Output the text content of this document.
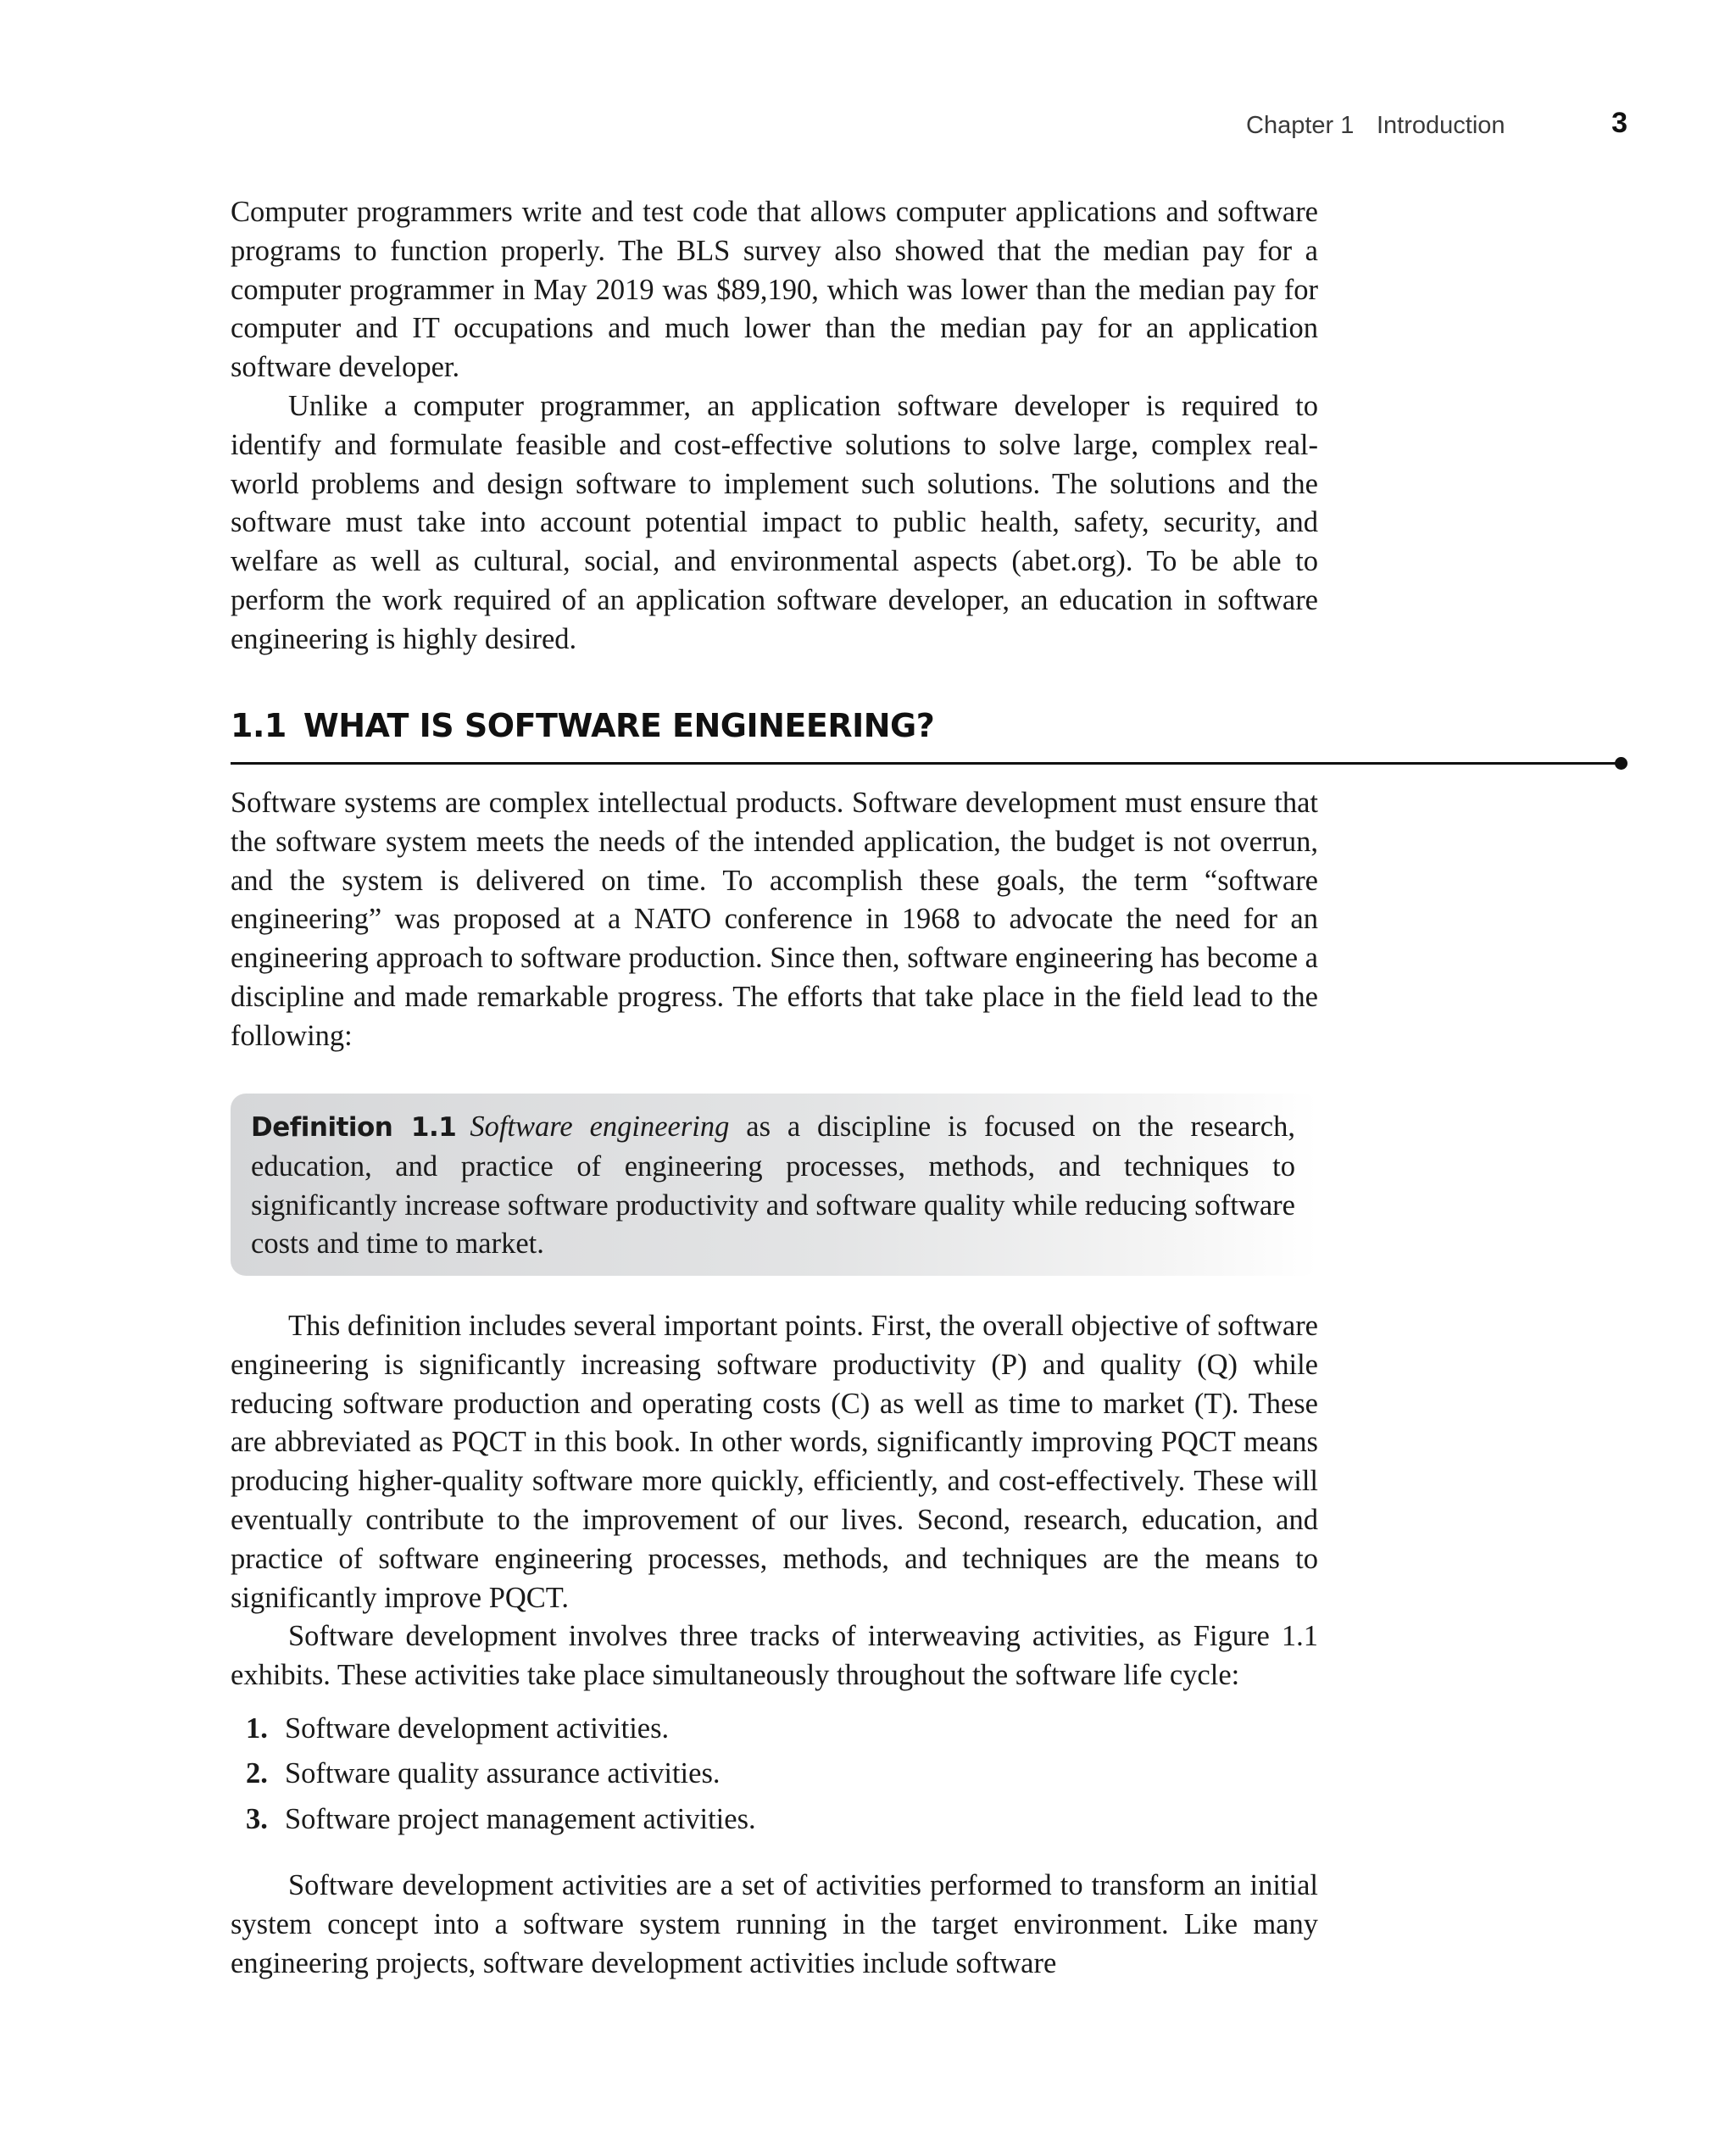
Chapter 1 Introduction	3

Computer programmers write and test code that allows computer applications and software programs to function properly. The BLS survey also showed that the median pay for a computer programmer in May 2019 was $89,190, which was lower than the median pay for computer and IT occupations and much lower than the median pay for an application software developer.

Unlike a computer programmer, an application software developer is required to identify and formulate feasible and cost-effective solutions to solve large, complex real-world problems and design software to implement such solutions. The solutions and the software must take into account potential impact to public health, safety, security, and welfare as well as cultural, social, and environmental aspects (abet.org). To be able to perform the work required of an application software developer, an education in software engineering is highly desired.

1.1 WHAT IS SOFTWARE ENGINEERING?

Software systems are complex intellectual products. Software development must ensure that the software system meets the needs of the intended application, the budget is not overrun, and the system is delivered on time. To accomplish these goals, the term “software engineering” was proposed at a NATO conference in 1968 to advocate the need for an engineering approach to software production. Since then, software engineering has become a discipline and made remarkable progress. The efforts that take place in the field lead to the following:

Definition 1.1 Software engineering as a discipline is focused on the research, education, and practice of engineering processes, methods, and techniques to significantly increase software productivity and software quality while reducing software costs and time to market.

This definition includes several important points. First, the overall objective of software engineering is significantly increasing software productivity (P) and quality (Q) while reducing software production and operating costs (C) as well as time to market (T). These are abbreviated as PQCT in this book. In other words, significantly improving PQCT means producing higher-quality software more quickly, efficiently, and cost-effectively. These will eventually contribute to the improvement of our lives. Second, research, education, and practice of software engineering processes, methods, and techniques are the means to significantly improve PQCT.

Software development involves three tracks of interweaving activities, as Figure 1.1 exhibits. These activities take place simultaneously throughout the software life cycle:

1. Software development activities.
2. Software quality assurance activities.
3. Software project management activities.

Software development activities are a set of activities performed to transform an initial system concept into a software system running in the target environment. Like many engineering projects, software development activities include software
